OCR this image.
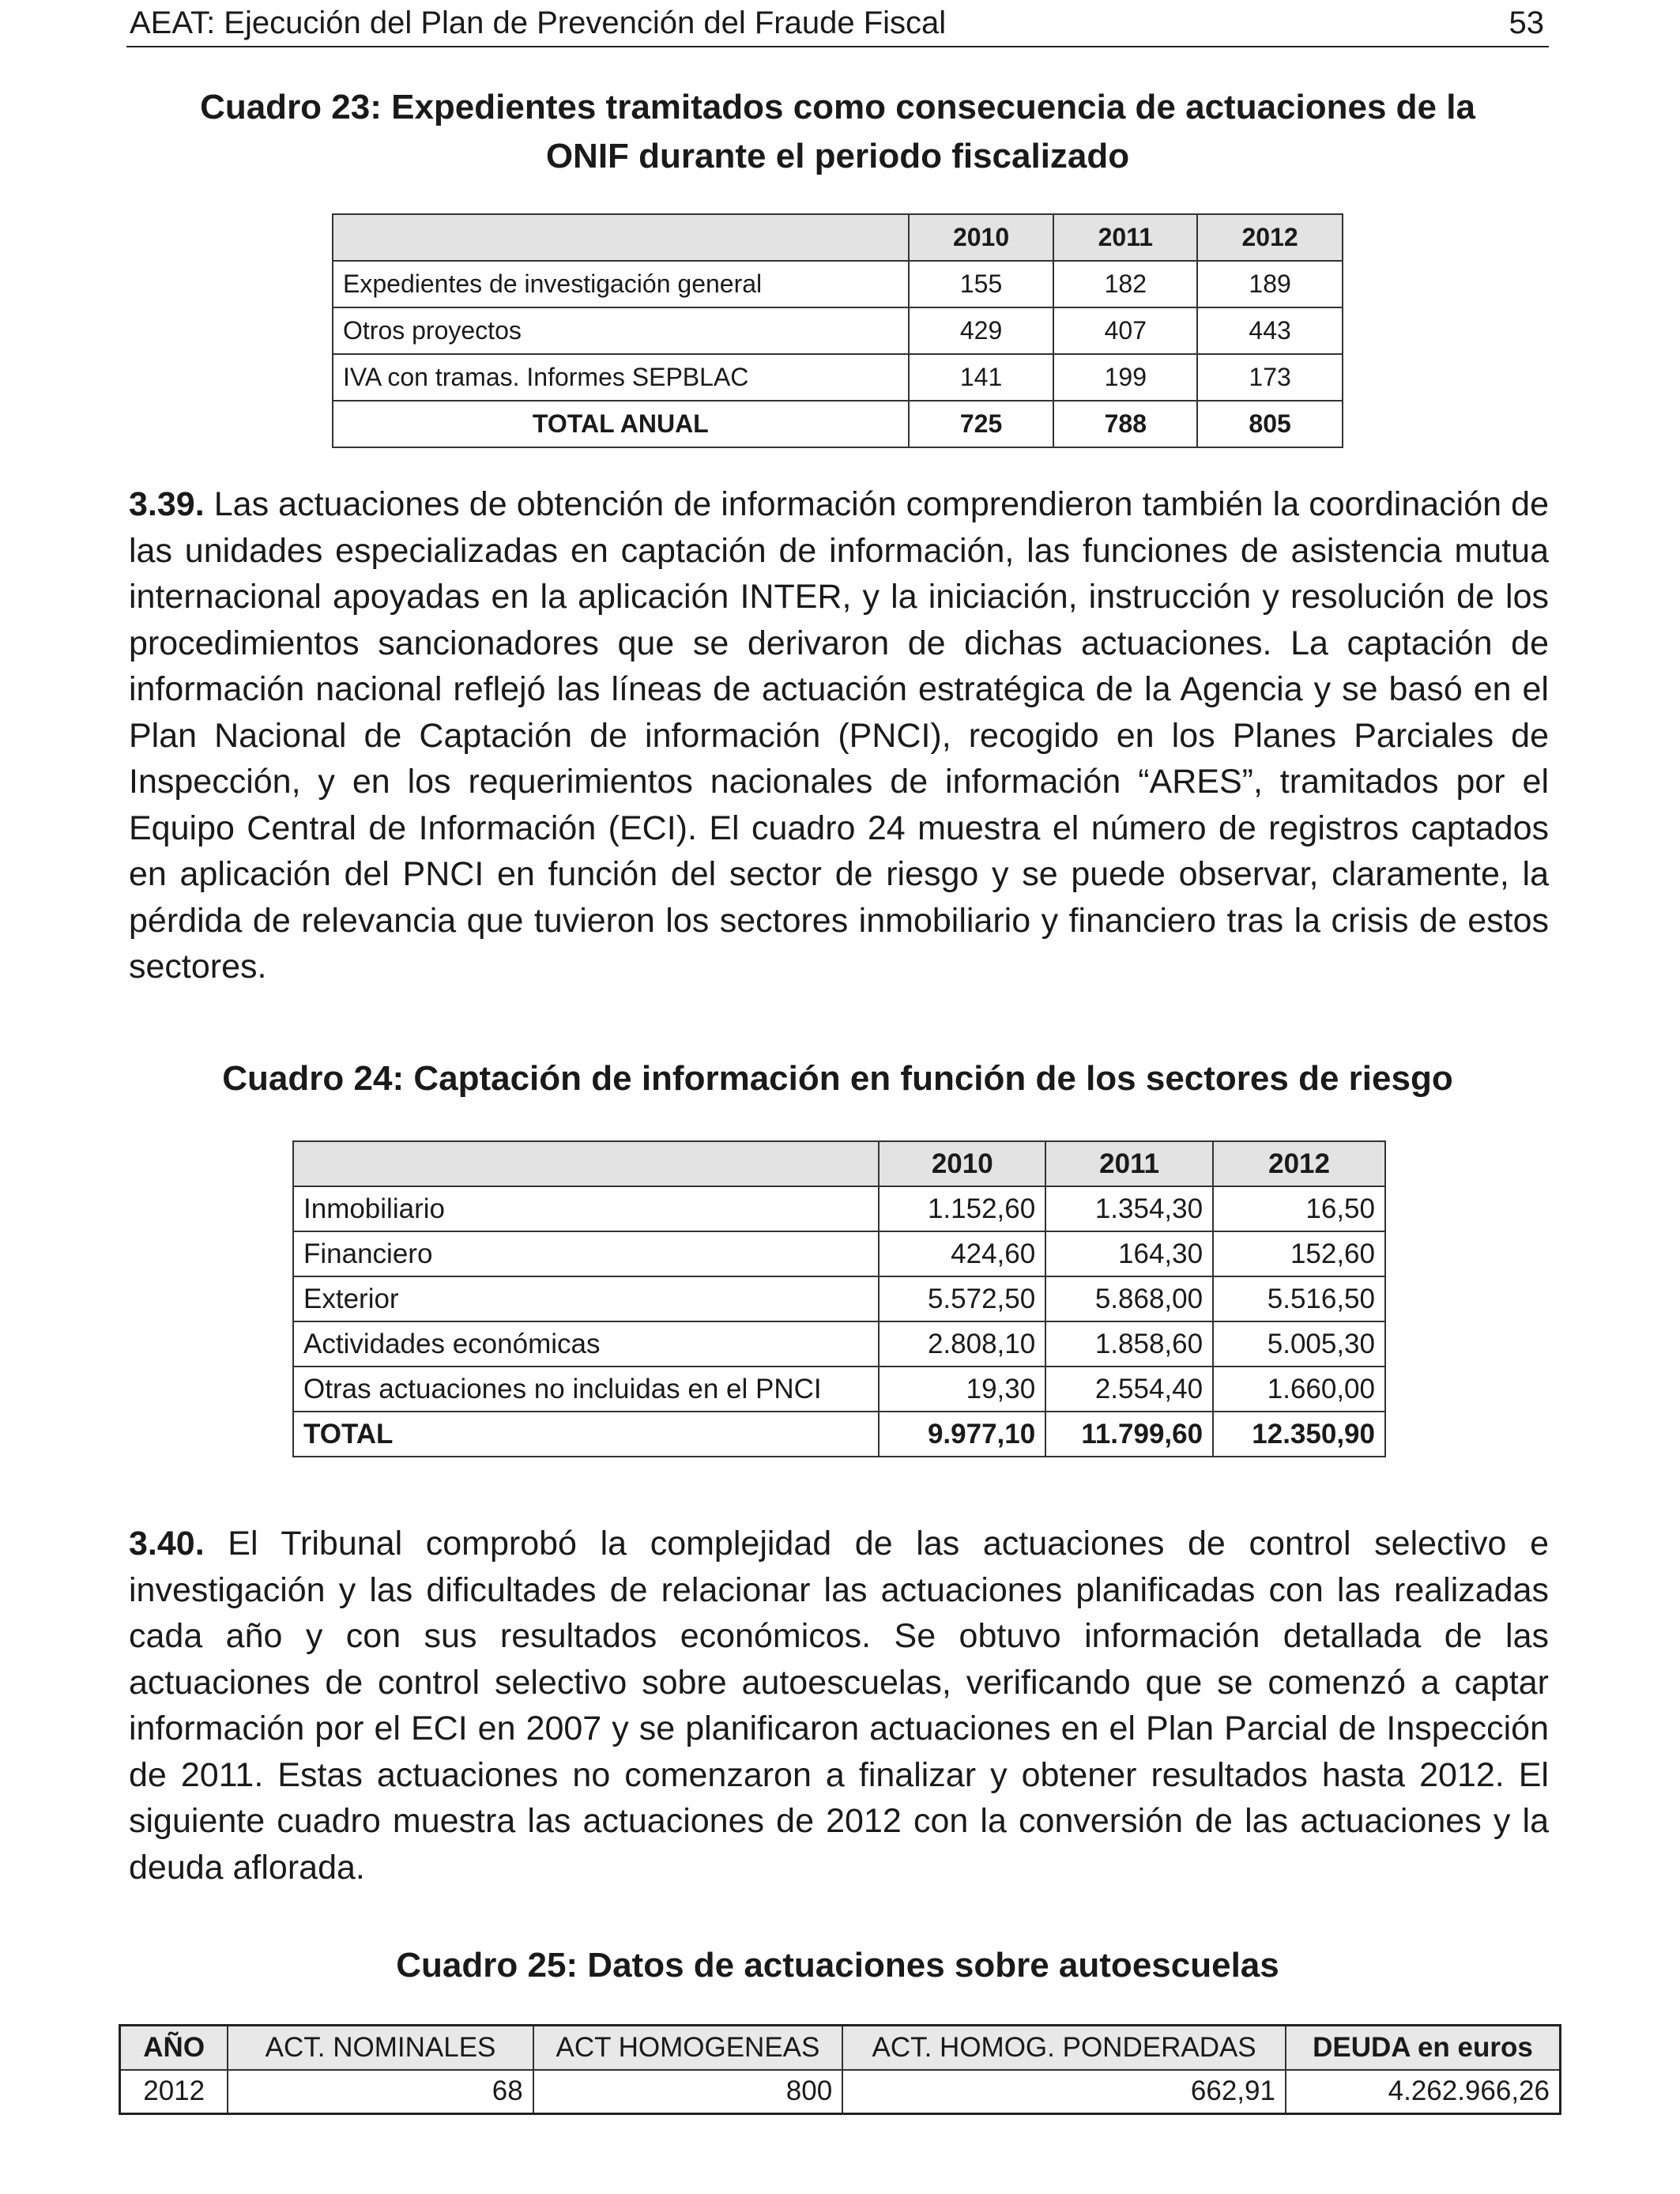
AEAT: Ejecución del Plan de Prevención del Fraude Fiscal	53
Cuadro 23: Expedientes tramitados como consecuencia de actuaciones de la
ONIF durante el periodo fiscalizado
	2010	2011	2012
Expedientes de investigación general	155	182	189
Otros proyectos	429	407	443
IVA con tramas. Informes SEPBLAC	141	199	173
TOTAL ANUAL	725	788	805

3.39. Las actuaciones de obtención de información comprendieron también la coordinación de las unidades especializadas en captación de información, las funciones de asistencia mutua internacional apoyadas en la aplicación INTER, y la iniciación, instrucción y resolución de los procedimientos sancionadores que se derivaron de dichas actuaciones. La captación de información nacional reflejó las líneas de actuación estratégica de la Agencia y se basó en el Plan Nacional de Captación de información (PNCI), recogido en los Planes Parciales de Inspección, y en los requerimientos nacionales de información “ARES”, tramitados por el Equipo Central de Información (ECI). El cuadro 24 muestra el número de registros captados en aplicación del PNCI en función del sector de riesgo y se puede observar, claramente, la pérdida de relevancia que tuvieron los sectores inmobiliario y financiero tras la crisis de estos sectores.

Cuadro 24: Captación de información en función de los sectores de riesgo
	2010	2011	2012
Inmobiliario	1.152,60	1.354,30	16,50
Financiero	424,60	164,30	152,60
Exterior	5.572,50	5.868,00	5.516,50
Actividades económicas	2.808,10	1.858,60	5.005,30
Otras actuaciones no incluidas en el PNCI	19,30	2.554,40	1.660,00
TOTAL	9.977,10	11.799,60	12.350,90

3.40. El Tribunal comprobó la complejidad de las actuaciones de control selectivo e investigación y las dificultades de relacionar las actuaciones planificadas con las realizadas cada año y con sus resultados económicos. Se obtuvo información detallada de las actuaciones de control selectivo sobre autoescuelas, verificando que se comenzó a captar información por el ECI en 2007 y se planificaron actuaciones en el Plan Parcial de Inspección de 2011. Estas actuaciones no comenzaron a finalizar y obtener resultados hasta 2012. El siguiente cuadro muestra las actuaciones de 2012 con la conversión de las actuaciones y la deuda aflorada.

Cuadro 25: Datos de actuaciones sobre autoescuelas
AÑO	ACT. NOMINALES	ACT HOMOGENEAS	ACT. HOMOG. PONDERADAS	DEUDA en euros
2012	68	800	662,91	4.262.966,26
